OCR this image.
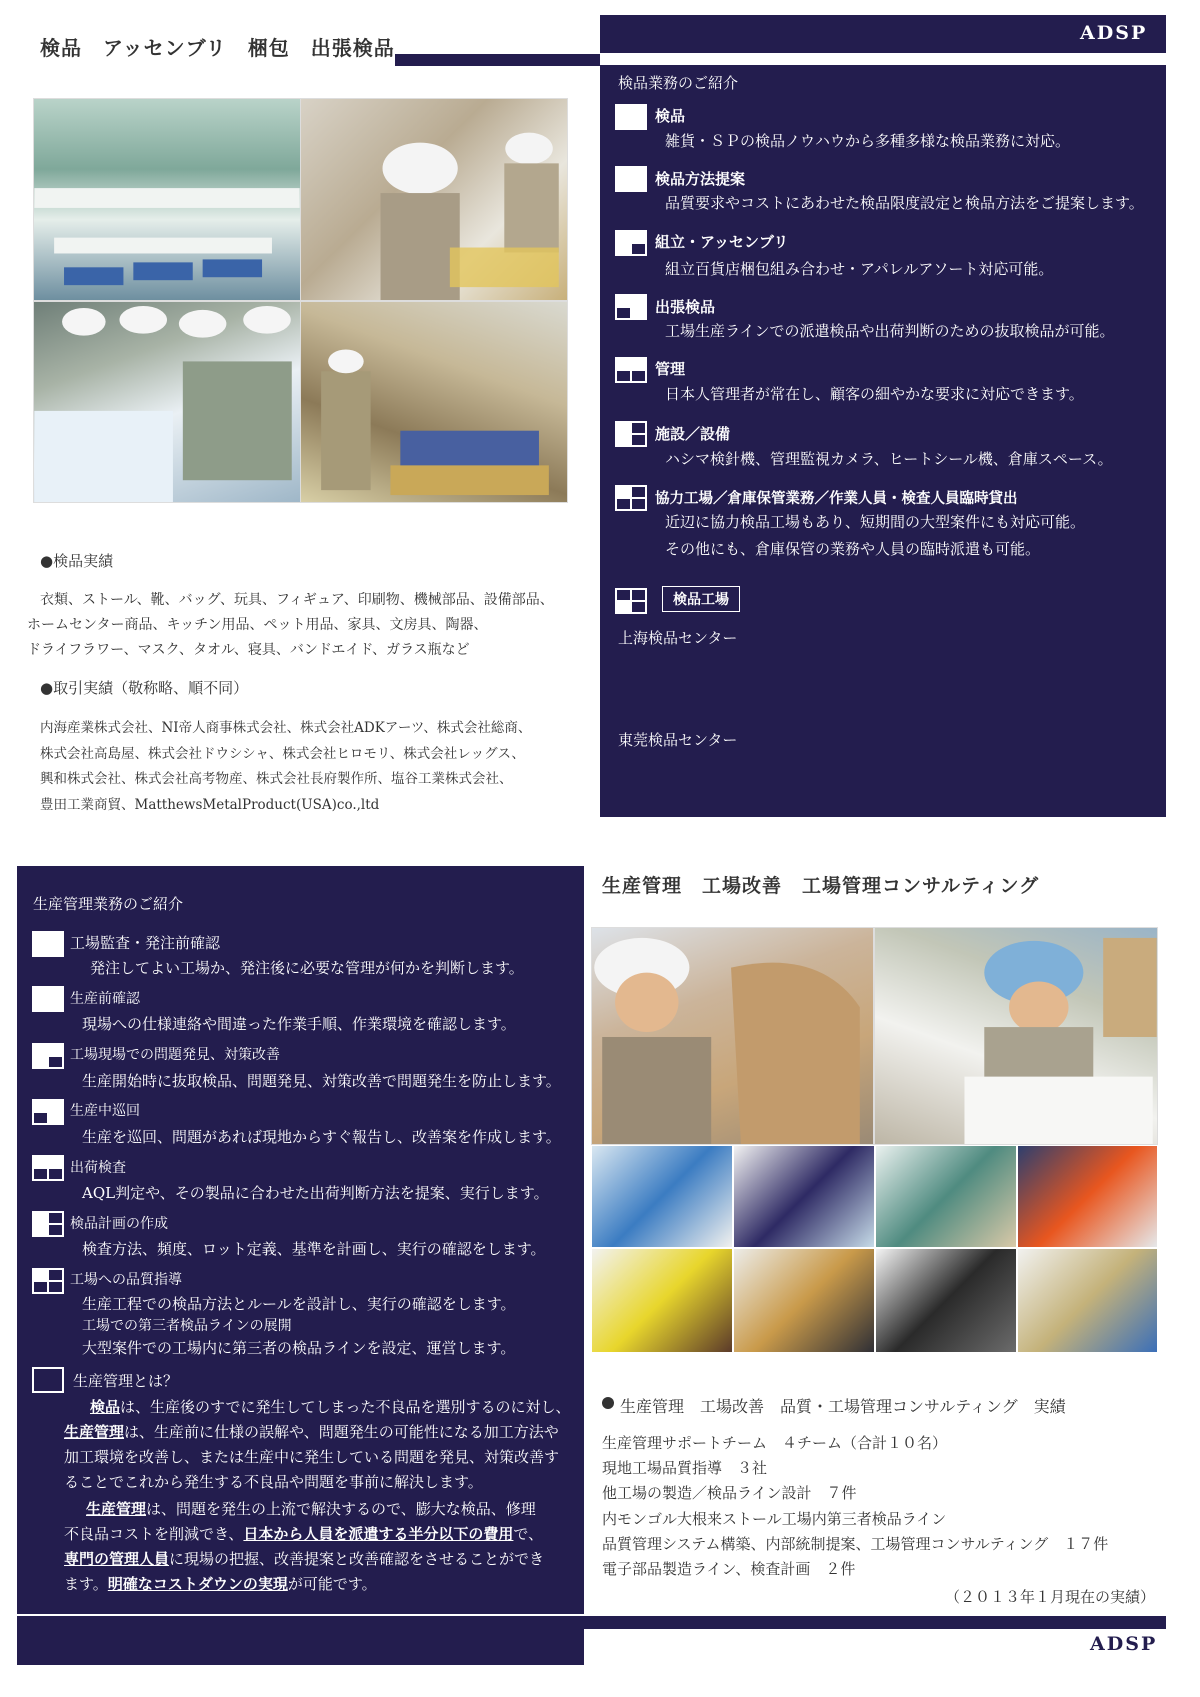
検品　アッセンブリ　梱包　出張検品
●検品実績
衣類、ストール、靴、バッグ、玩具、フィギュア、印刷物、機械部品、設備部品、
ホームセンター商品、キッチン用品、ペット用品、家具、文房具、陶器、
ドライフラワー、マスク、タオル、寝具、バンドエイド、ガラス瓶など
●取引実績（敬称略、順不同）
内海産業株式会社、NI帝人商事株式会社、株式会社ADKアーツ、株式会社総商、
株式会社高島屋、株式会社ドウシシャ、株式会社ヒロモリ、株式会社レッグス、
興和株式会社、株式会社高考物産、株式会社長府製作所、塩谷工業株式会社、
豊田工業商貿、MatthewsMetalProduct(USA)co.,ltd
ADSP
検品業務のご紹介
検品
雑貨・ＳＰの検品ノウハウから多種多様な検品業務に対応。
検品方法提案
品質要求やコストにあわせた検品限度設定と検品方法をご提案します。
組立・アッセンブリ
組立百貨店梱包組み合わせ・アパレルアソート対応可能。
出張検品
工場生産ラインでの派遣検品や出荷判断のための抜取検品が可能。
管理
日本人管理者が常在し、顧客の細やかな要求に対応できます。
施設／設備
ハシマ検針機、管理監視カメラ、ヒートシール機、倉庫スペース。
協力工場／倉庫保管業務／作業人員・検査人員臨時貸出
近辺に協力検品工場もあり、短期間の大型案件にも対応可能。
その他にも、倉庫保管の業務や人員の臨時派遣も可能。
検品工場
上海検品センター
東莞検品センター
生産管理業務のご紹介
工場監査・発注前確認
発注してよい工場か、発注後に必要な管理が何かを判断します。
生産前確認
現場への仕様連絡や間違った作業手順、作業環境を確認します。
工場現場での問題発見、対策改善
生産開始時に抜取検品、問題発見、対策改善で問題発生を防止します。
生産中巡回
生産を巡回、問題があれば現地からすぐ報告し、改善案を作成します。
出荷検査
AQL判定や、その製品に合わせた出荷判断方法を提案、実行します。
検品計画の作成
検査方法、頻度、ロット定義、基準を計画し、実行の確認をします。
工場への品質指導
生産工程での検品方法とルールを設計し、実行の確認をします。
工場での第三者検品ラインの展開
大型案件での工場内に第三者の検品ラインを設定、運営します。
生産管理とは？
検品は、生産後のすでに発生してしまった不良品を選別するのに対し、
生産管理は、生産前に仕様の誤解や、問題発生の可能性になる加工方法や
加工環境を改善し、または生産中に発生している問題を発見、対策改善す
ることでこれから発生する不良品や問題を事前に解決します。
生産管理は、問題を発生の上流で解決するので、膨大な検品、修理
不良品コストを削減でき、日本から人員を派遣する半分以下の費用で、
専門の管理人員に現場の把握、改善提案と改善確認をさせることができ
ます。明確なコストダウンの実現が可能です。
生産管理　工場改善　工場管理コンサルティング
生産管理　工場改善　品質・工場管理コンサルティング　実績
生産管理サポートチーム　４チーム（合計１０名）
現地工場品質指導　３社
他工場の製造／検品ライン設計　７件
内モンゴル大根来ストール工場内第三者検品ライン
品質管理システム構築、内部統制提案、工場管理コンサルティング　１７件
電子部品製造ライン、検査計画　２件
（２０１３年１月現在の実績）
ADSP
